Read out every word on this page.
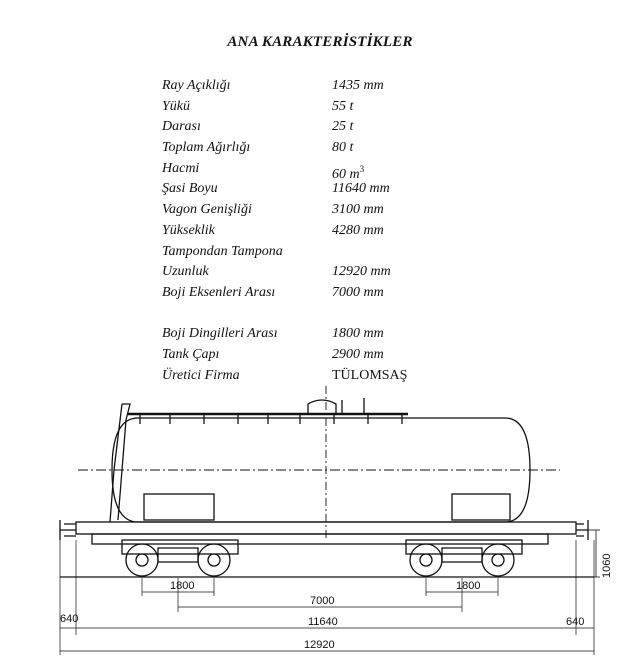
ANA KARAKTERİSTİKLER
Ray Açıklığı	1435 mm
Yükü	55 t
Darası	25 t
Toplam Ağırlığı	80 t
Hacmi	60 $m^3$
Şasi Boyu	11640 mm
Vagon Genişliği	3100 mm
Yükseklik	4280 mm
Tampondan Tampona
Uzunluk	12920 mm
Boji Eksenleri Arası	7000 mm
Boji Dingilleri Arası	1800 mm
Tank Çapı	2900 mm
Üretici Firma	TÜLOMSAŞ
1800	1800
7000
11640
12920
640	640
1060
